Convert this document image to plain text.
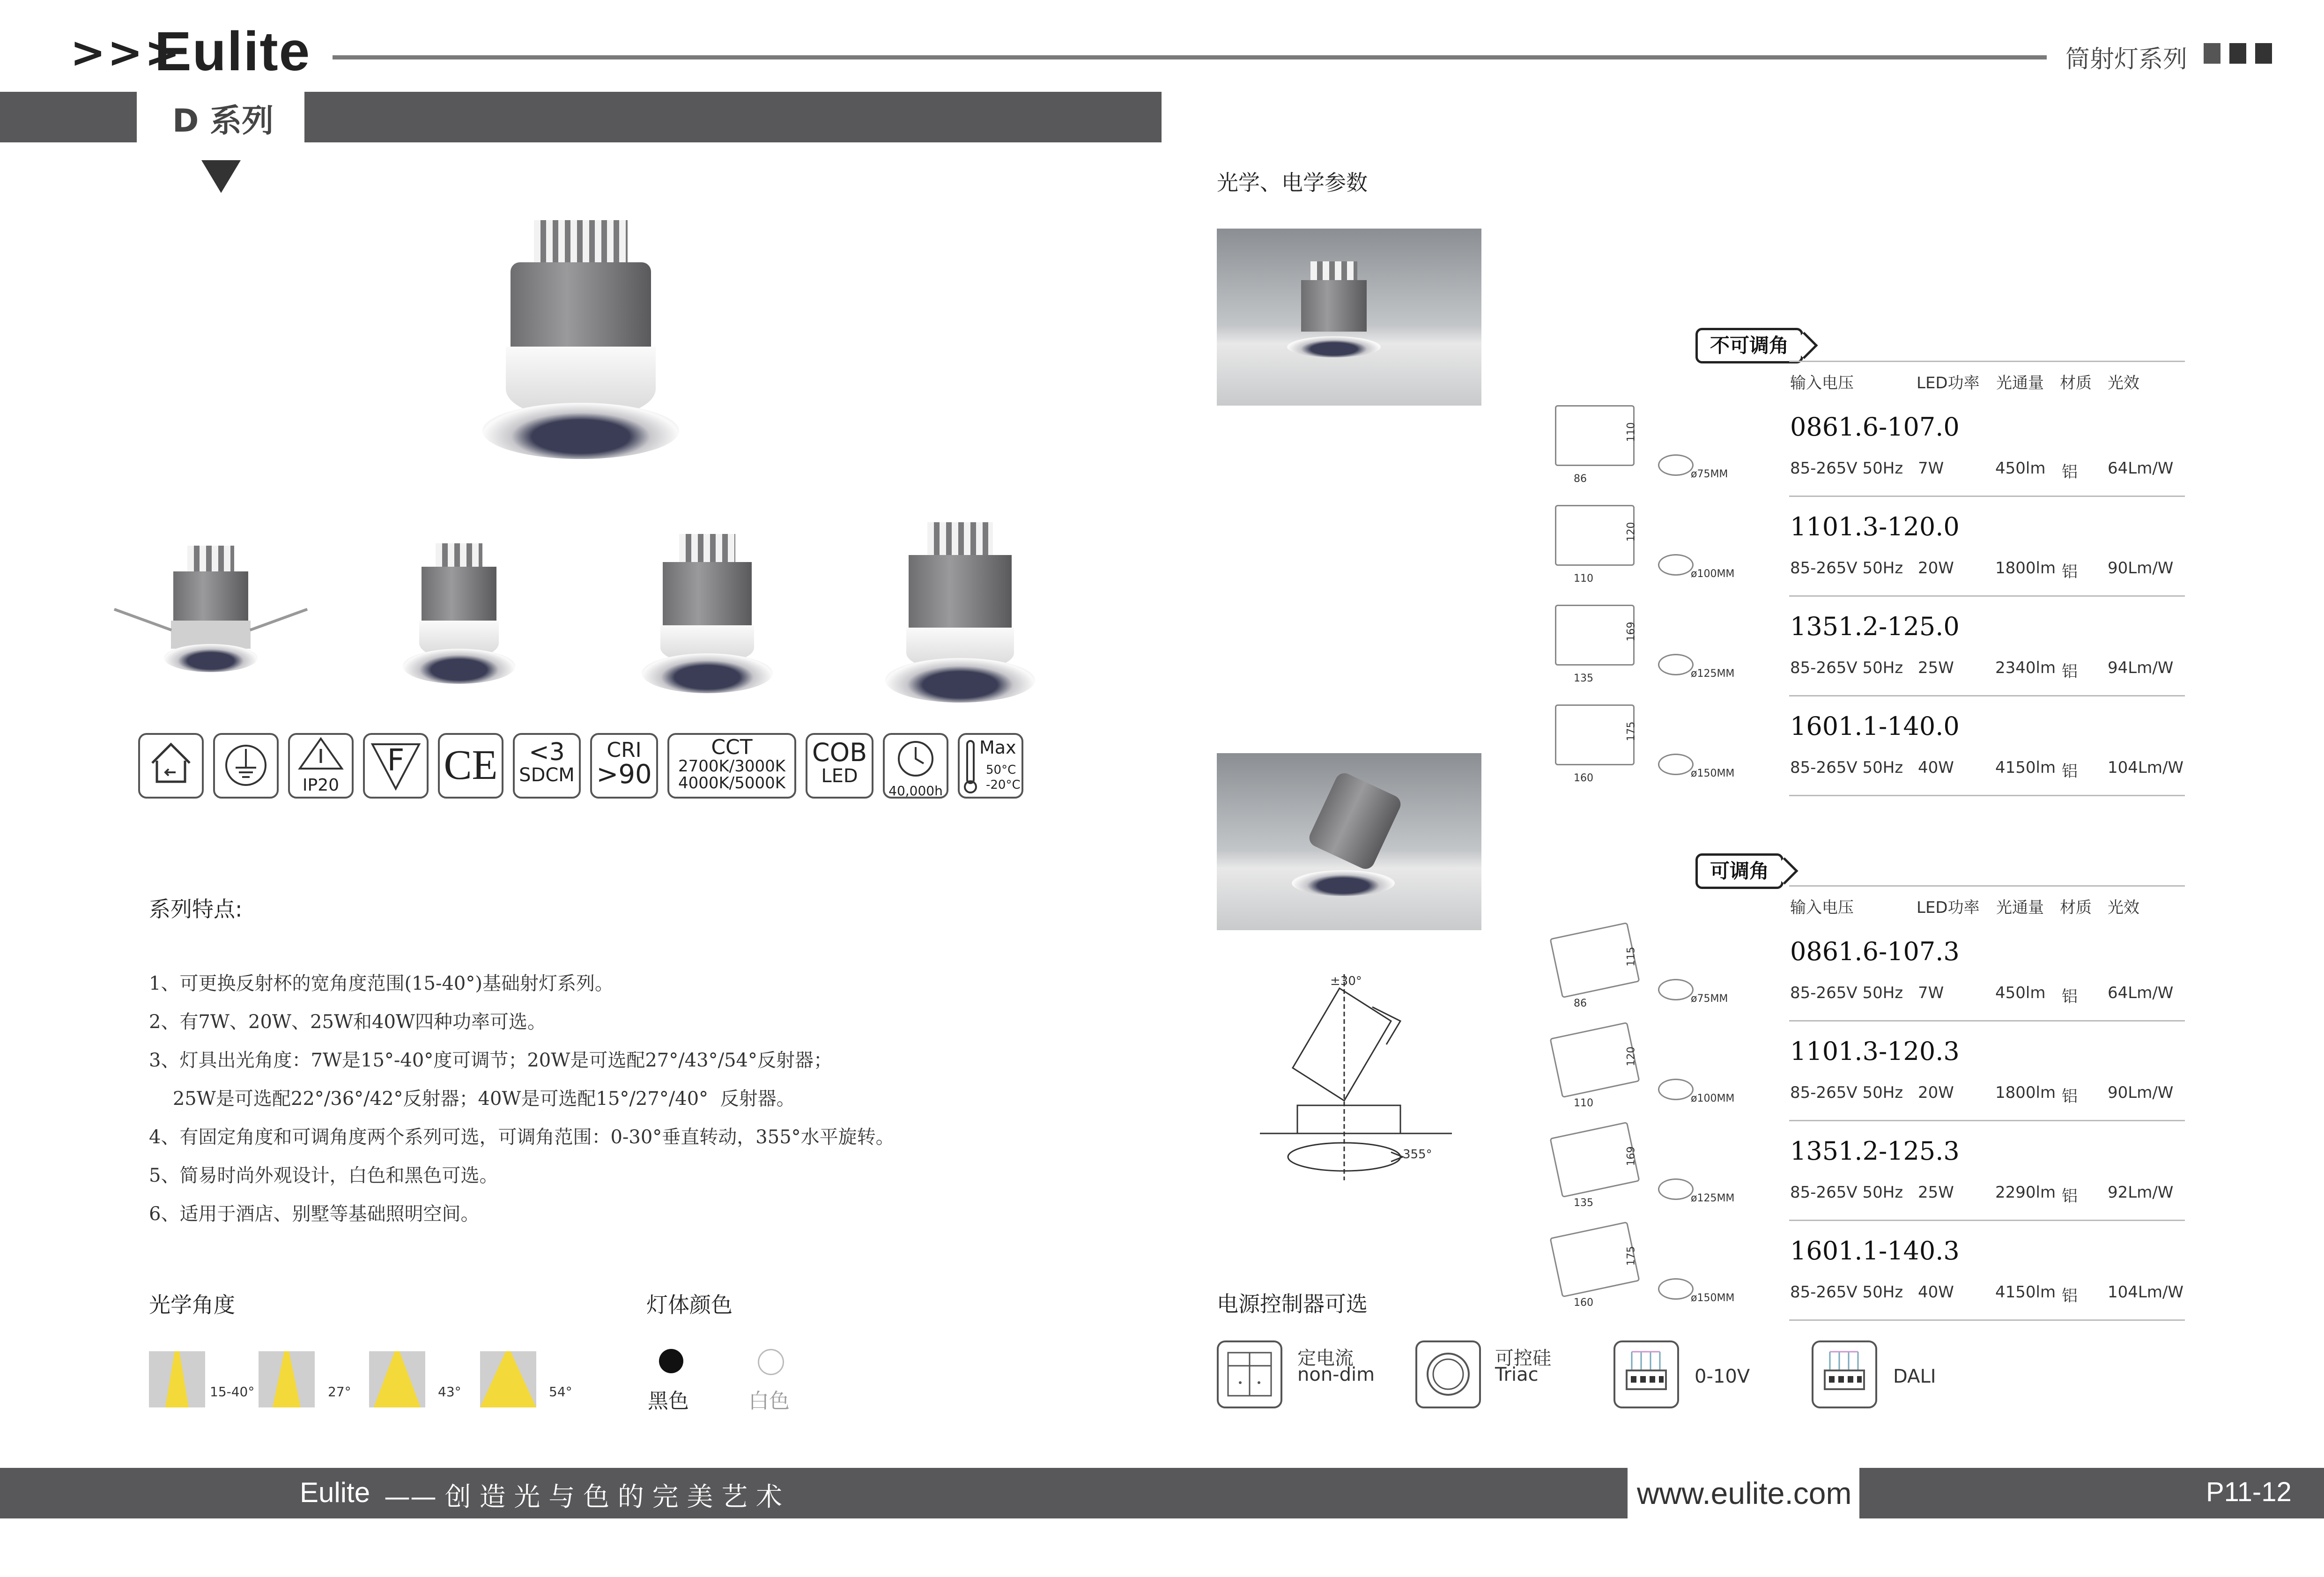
>>>
Eulite	筒射灯系列
D 系列
IP20
F CE	<3
SDCM
CRI
>90
CCT
2700K/3000K
4000K/5000K
COB
LED
40,000h
Max
50°C
-20°C
系列特点:
1、可更换反射杯的宽角度范围(15-40°)基础射灯系列。
2、有7W、20W、25W和40W四种功率可选。
3、灯具出光角度：7W是15°-40°度可调节；20W是可选配27°/43°/54°反射器；
25W是可选配22°/36°/42°反射器；40W是可选配15°/27°/40°  反射器。
4、有固定角度和可调角度两个系列可选，可调角范围：0-30°垂直转动，355°水平旋转。
5、简易时尚外观设计，白色和黑色可选。
6、适用于酒店、别墅等基础照明空间。
光学角度
15-40°	27°	43°	54°
灯体颜色
黑色	白色
光学、电学参数
±30°
355°
不可调角
可调角
输入电压	LED功率 光通量 材质 光效
输入电压	LED功率 光通量 材质 光效
0861.6-107.0
85-265V 50Hz 7W	450lm 铝 64Lm/W
86
110
ø75MM
1101.3-120.0
85-265V 50Hz 20W	1800lm 铝 90Lm/W
110
120
ø100MM
1351.2-125.0
85-265V 50Hz 25W	2340lm 铝 94Lm/W
135
169
ø125MM
1601.1-140.0
85-265V 50Hz 40W	4150lm 铝 104Lm/W
160
175
ø150MM
0861.6-107.3
85-265V 50Hz 7W	450lm 铝 64Lm/W
86
115
ø75MM
1101.3-120.3
85-265V 50Hz 20W	1800lm 铝 90Lm/W
110
120
ø100MM
1351.2-125.3
85-265V 50Hz 25W	2290lm 铝 92Lm/W
135
169
ø125MM
1601.1-140.3
85-265V 50Hz 40W	4150lm 铝 104Lm/W
160
175
ø150MM
电源控制器可选
定电流
non-dim
可控硅
Triac	0-10V	DALI
Eulite —— 创 造 光 与 色 的 完 美 艺 术	www.eulite.com	P11-12
